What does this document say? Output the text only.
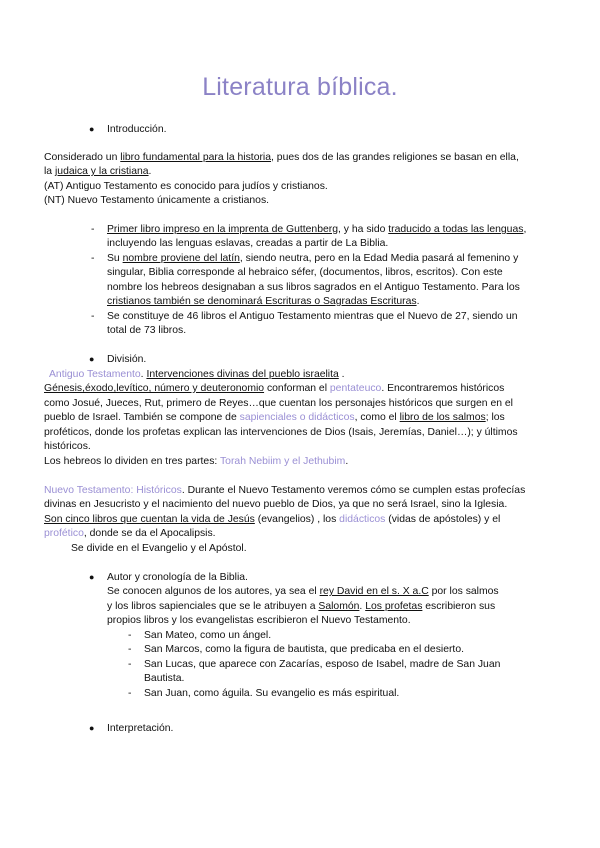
Literatura bíblica.
● Introducción.
Considerado un libro fundamental para la historia, pues dos de las grandes religiones se basan en ella,
la judaica y la cristiana.
(AT) Antiguo Testamento es conocido para judíos y cristianos.
(NT) Nuevo Testamento únicamente a cristianos.
- Primer libro impreso en la imprenta de Guttenberg, y ha sido traducido a todas las lenguas,
incluyendo las lenguas eslavas, creadas a partir de La Biblia.
- Su nombre proviene del latín, siendo neutra, pero en la Edad Media pasará al femenino y
singular, Biblia corresponde al hebraico séfer, (documentos, libros, escritos). Con este
nombre los hebreos designaban a sus libros sagrados en el Antiguo Testamento. Para los
cristianos también se denominará Escrituras o Sagradas Escrituras.
- Se constituye de 46 libros el Antiguo Testamento mientras que el Nuevo de 27, siendo un
total de 73 libros.
● División.
Antiguo Testamento. Intervenciones divinas del pueblo israelita .
Génesis,éxodo,levítico, número y deuteronomio conforman el pentateuco. Encontraremos históricos
como Josué, Jueces, Rut, primero de Reyes…que cuentan los personajes históricos que surgen en el
pueblo de Israel. También se compone de sapienciales o didácticos, como el libro de los salmos; los
proféticos, donde los profetas explican las intervenciones de Dios (Isais, Jeremías, Daniel…); y últimos
históricos.
Los hebreos lo dividen en tres partes: Torah Nebiim y el Jethubim.
Nuevo Testamento: Históricos. Durante el Nuevo Testamento veremos cómo se cumplen estas profecías
divinas en Jesucristo y el nacimiento del nuevo pueblo de Dios, ya que no será Israel, sino la Iglesia.
Son cinco libros que cuentan la vida de Jesús (evangelios) , los didácticos (vidas de apóstoles) y el
profético, donde se da el Apocalipsis.
Se divide en el Evangelio y el Apóstol.
● Autor y cronología de la Biblia.
Se conocen algunos de los autores, ya sea el rey David en el s. X a.C por los salmos
y los libros sapienciales que se le atribuyen a Salomón. Los profetas escribieron sus
propios libros y los evangelistas escribieron el Nuevo Testamento.
- San Mateo, como un ángel.
- San Marcos, como la figura de bautista, que predicaba en el desierto.
- San Lucas, que aparece con Zacarías, esposo de Isabel, madre de San Juan
Bautista.
- San Juan, como águila. Su evangelio es más espiritual.
● Interpretación.
